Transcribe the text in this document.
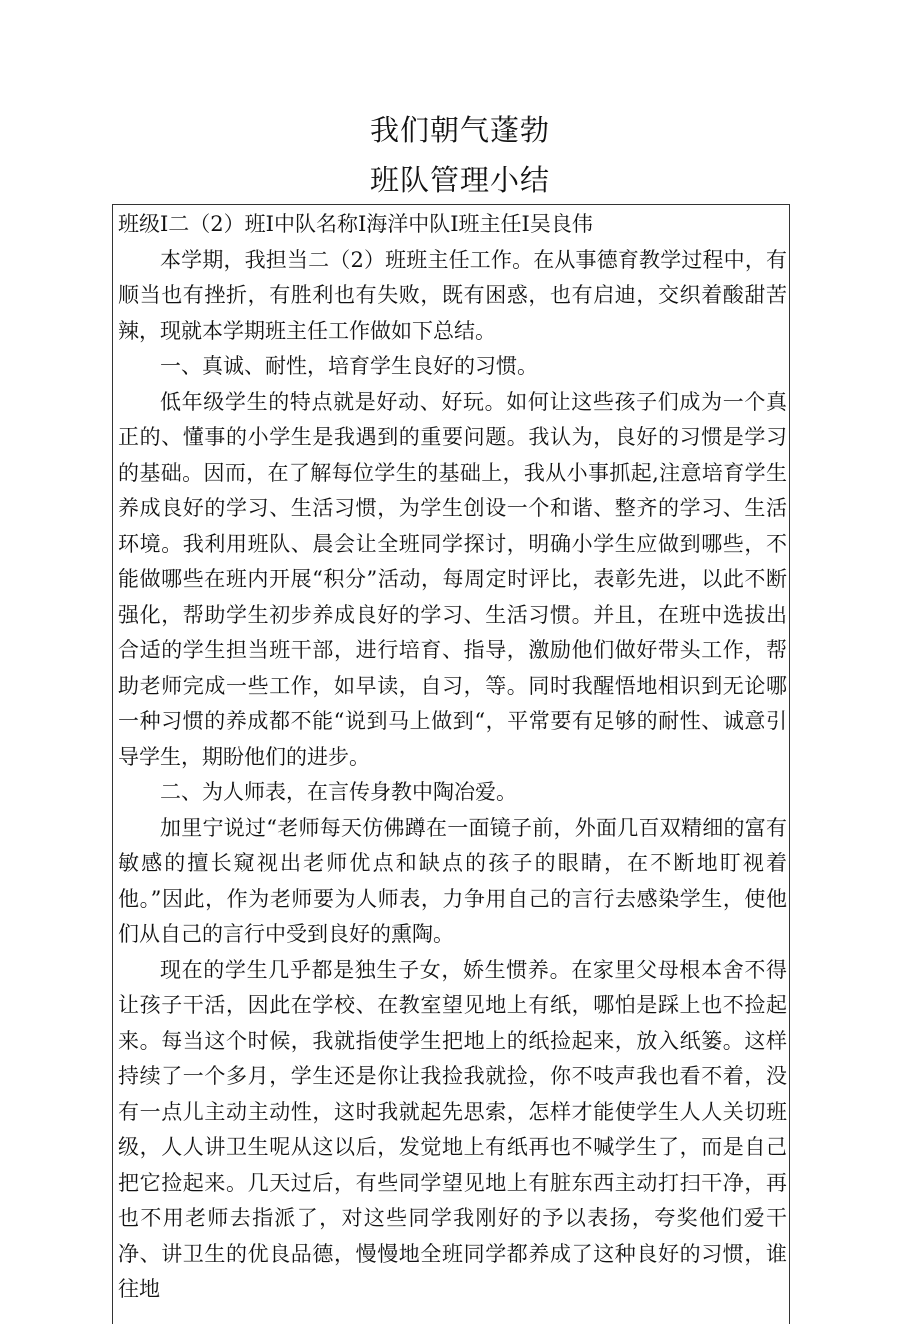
我们朝气蓬勃
班队管理小结

班级I二（2）班I中队名称I海洋中队I班主任I吴良伟

本学期，我担当二（2）班班主任工作。在从事德育教学过程中，有顺当也有挫折，有胜利也有失败，既有困惑，也有启迪，交织着酸甜苦辣，现就本学期班主任工作做如下总结。

一、真诚、耐性，培育学生良好的习惯。

低年级学生的特点就是好动、好玩。如何让这些孩子们成为一个真正的、懂事的小学生是我遇到的重要问题。我认为，良好的习惯是学习的基础。因而，在了解每位学生的基础上，我从小事抓起,注意培育学生养成良好的学习、生活习惯，为学生创设一个和谐、整齐的学习、生活环境。我利用班队、晨会让全班同学探讨，明确小学生应做到哪些，不能做哪些在班内开展“积分”活动，每周定时评比，表彰先进，以此不断强化，帮助学生初步养成良好的学习、生活习惯。并且，在班中选拔出合适的学生担当班干部，进行培育、指导，激励他们做好带头工作，帮助老师完成一些工作，如早读，自习，等。同时我醒悟地相识到无论哪一种习惯的养成都不能“说到马上做到“，平常要有足够的耐性、诚意引导学生，期盼他们的进步。

二、为人师表，在言传身教中陶冶爱。

加里宁说过“老师每天仿佛蹲在一面镜子前，外面几百双精细的富有敏感的擅长窥视出老师优点和缺点的孩子的眼睛，在不断地盯视着他。”因此，作为老师要为人师表，力争用自己的言行去感染学生，使他们从自己的言行中受到良好的熏陶。

现在的学生几乎都是独生子女，娇生惯养。在家里父母根本舍不得让孩子干活，因此在学校、在教室望见地上有纸，哪怕是踩上也不捡起来。每当这个时候，我就指使学生把地上的纸捡起来，放入纸篓。这样持续了一个多月，学生还是你让我捡我就捡，你不吱声我也看不着，没有一点儿主动主动性，这时我就起先思索，怎样才能使学生人人关切班级，人人讲卫生呢从这以后，发觉地上有纸再也不喊学生了，而是自己把它捡起来。几天过后，有些同学望见地上有脏东西主动打扫干净，再也不用老师去指派了，对这些同学我刚好的予以表扬，夸奖他们爱干净、讲卫生的优良品德，慢慢地全班同学都养成了这种良好的习惯，谁往地
